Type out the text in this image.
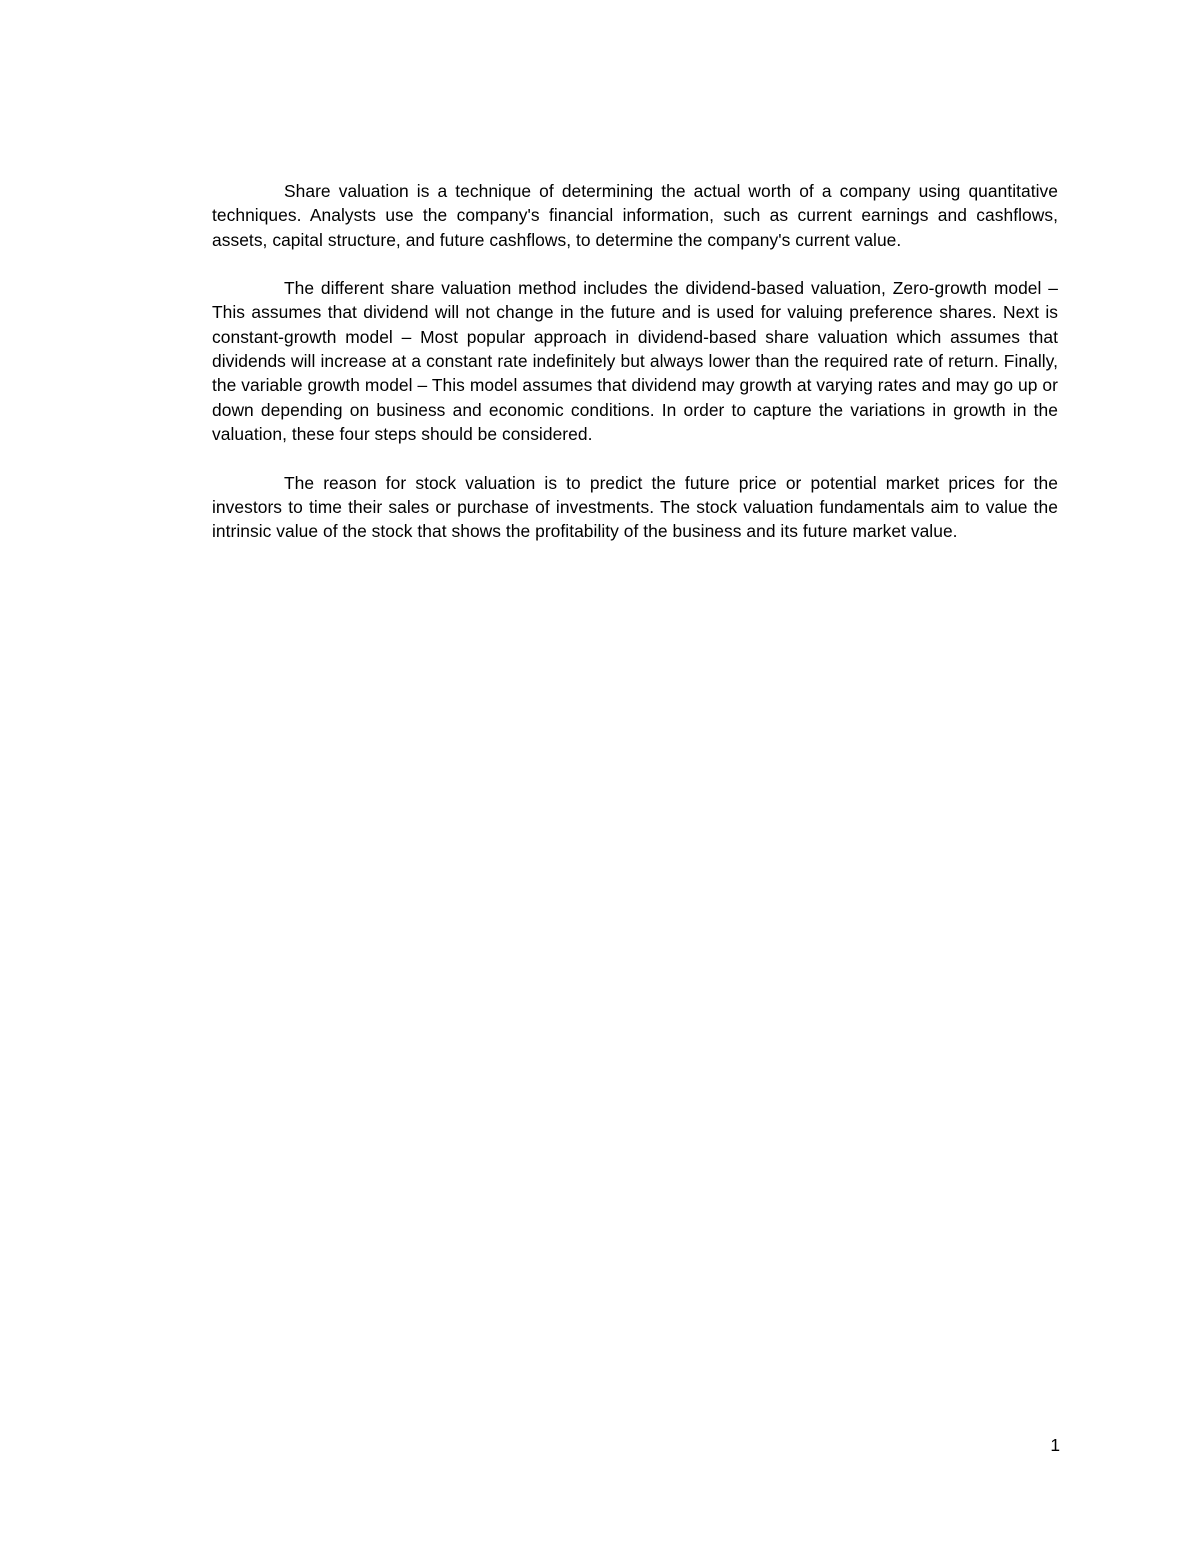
Share valuation is a technique of determining the actual worth of a company using quantitative techniques. Analysts use the company's financial information, such as current earnings and cashflows, assets, capital structure, and future cashflows, to determine the company's current value.

The different share valuation method includes the dividend-based valuation, Zero-growth model – This assumes that dividend will not change in the future and is used for valuing preference shares. Next is constant-growth model – Most popular approach in dividend-based share valuation which assumes that dividends will increase at a constant rate indefinitely but always lower than the required rate of return. Finally, the variable growth model – This model assumes that dividend may growth at varying rates and may go up or down depending on business and economic conditions. In order to capture the variations in growth in the valuation, these four steps should be considered.

The reason for stock valuation is to predict the future price or potential market prices for the investors to time their sales or purchase of investments. The stock valuation fundamentals aim to value the intrinsic value of the stock that shows the profitability of the business and its future market value.

1
